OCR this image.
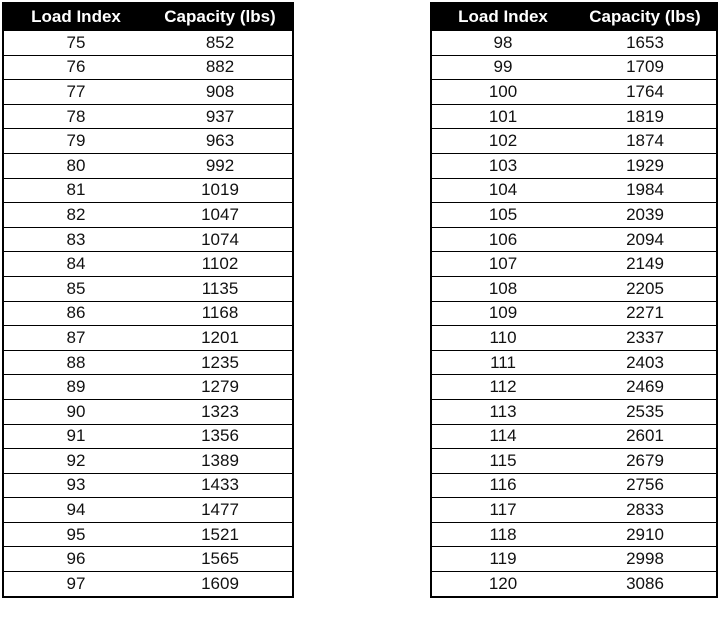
Load Index	Capacity (lbs)
75	852
76	882
77	908
78	937
79	963
80	992
81	1019
82	1047
83	1074
84	1102
85	1135
86	1168
87	1201
88	1235
89	1279
90	1323
91	1356
92	1389
93	1433
94	1477
95	1521
96	1565
97	1609
Load Index	Capacity (lbs)
98	1653
99	1709
100	1764
101	1819
102	1874
103	1929
104	1984
105	2039
106	2094
107	2149
108	2205
109	2271
110	2337
111	2403
112	2469
113	2535
114	2601
115	2679
116	2756
117	2833
118	2910
119	2998
120	3086
